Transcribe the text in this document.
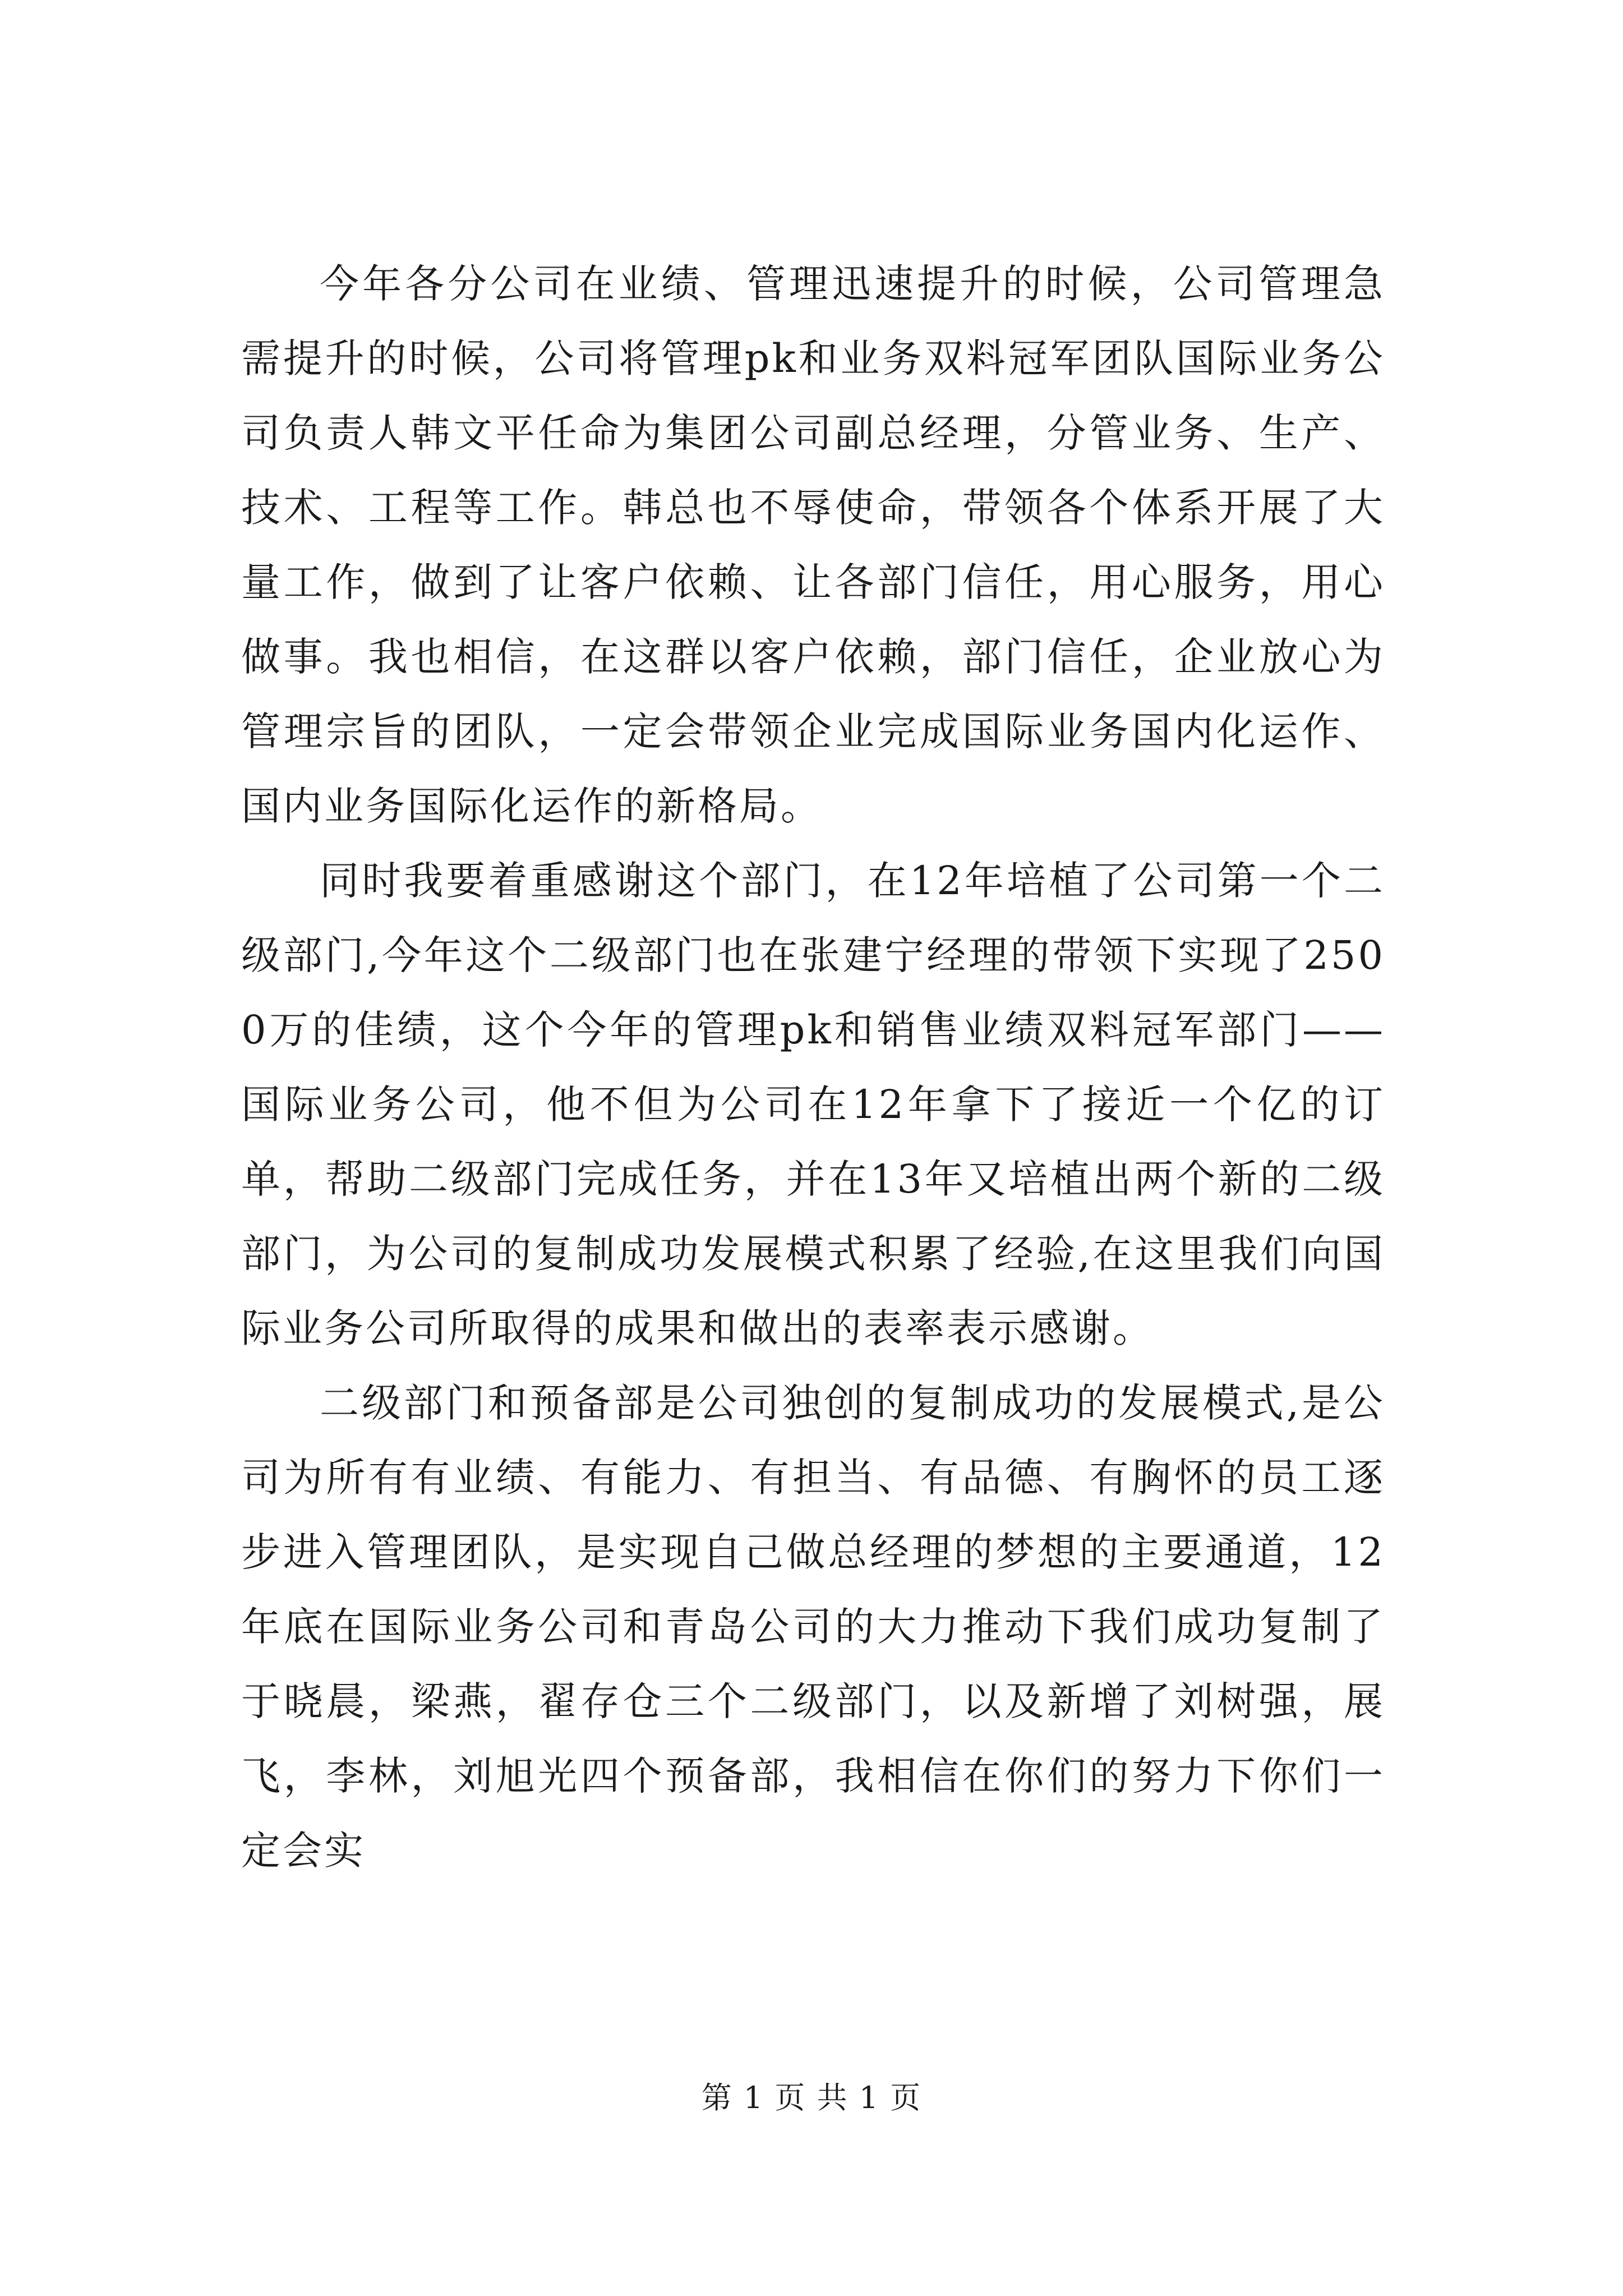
今年各分公司在业绩、管理迅速提升的时候，公司管理急需提升的时候，公司将管理pk和业务双料冠军团队国际业务公司负责人韩文平任命为集团公司副总经理，分管业务、生产、技术、工程等工作。韩总也不辱使命，带领各个体系开展了大量工作，做到了让客户依赖、让各部门信任，用心服务，用心做事。我也相信，在这群以客户依赖，部门信任，企业放心为管理宗旨的团队，一定会带领企业完成国际业务国内化运作、国内业务国际化运作的新格局。

同时我要着重感谢这个部门，在12年培植了公司第一个二级部门,今年这个二级部门也在张建宁经理的带领下实现了2500万的佳绩，这个今年的管理pk和销售业绩双料冠军部门——国际业务公司，他不但为公司在12年拿下了接近一个亿的订单，帮助二级部门完成任务，并在13年又培植出两个新的二级部门，为公司的复制成功发展模式积累了经验,在这里我们向国际业务公司所取得的成果和做出的表率表示感谢。

二级部门和预备部是公司独创的复制成功的发展模式,是公司为所有有业绩、有能力、有担当、有品德、有胸怀的员工逐步进入管理团队，是实现自己做总经理的梦想的主要通道，12年底在国际业务公司和青岛公司的大力推动下我们成功复制了于晓晨，梁燕，翟存仓三个二级部门，以及新增了刘树强，展飞，李林，刘旭光四个预备部，我相信在你们的努力下你们一定会实

第 1 页 共 1 页
